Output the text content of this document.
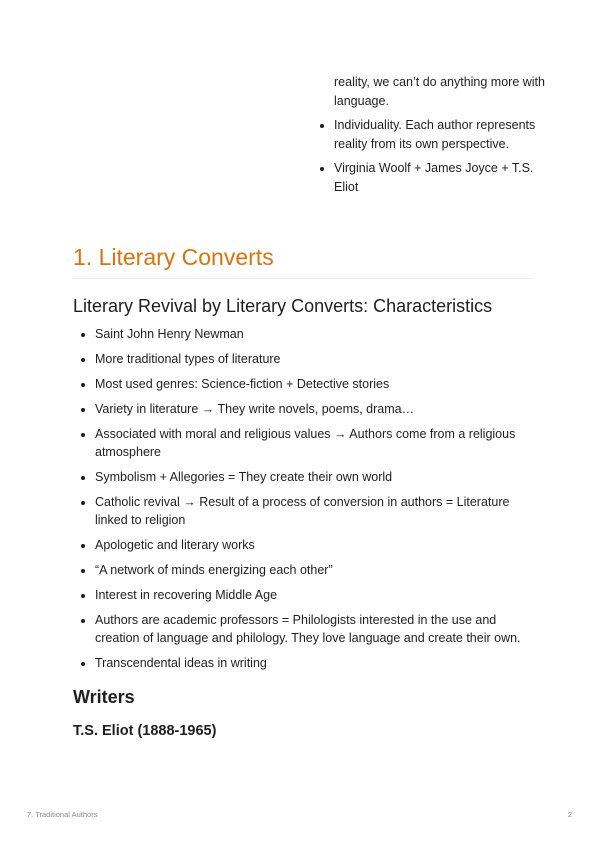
reality, we can’t do anything more with language.
• Individuality. Each author represents reality from its own perspective.
• Virginia Woolf + James Joyce + T.S. Eliot
1. Literary Converts
Literary Revival by Literary Converts: Characteristics
• Saint John Henry Newman
• More traditional types of literature
• Most used genres: Science-fiction + Detective stories
• Variety in literature → They write novels, poems, drama…
• Associated with moral and religious values → Authors come from a religious atmosphere
• Symbolism + Allegories = They create their own world
• Catholic revival → Result of a process of conversion in authors = Literature linked to religion
• Apologetic and literary works
• “A network of minds energizing each other”
• Interest in recovering Middle Age
• Authors are academic professors = Philologists interested in the use and creation of language and philology. They love language and create their own.
• Transcendental ideas in writing
Writers
T.S. Eliot (1888-1965)
7. Traditional Authors	2
